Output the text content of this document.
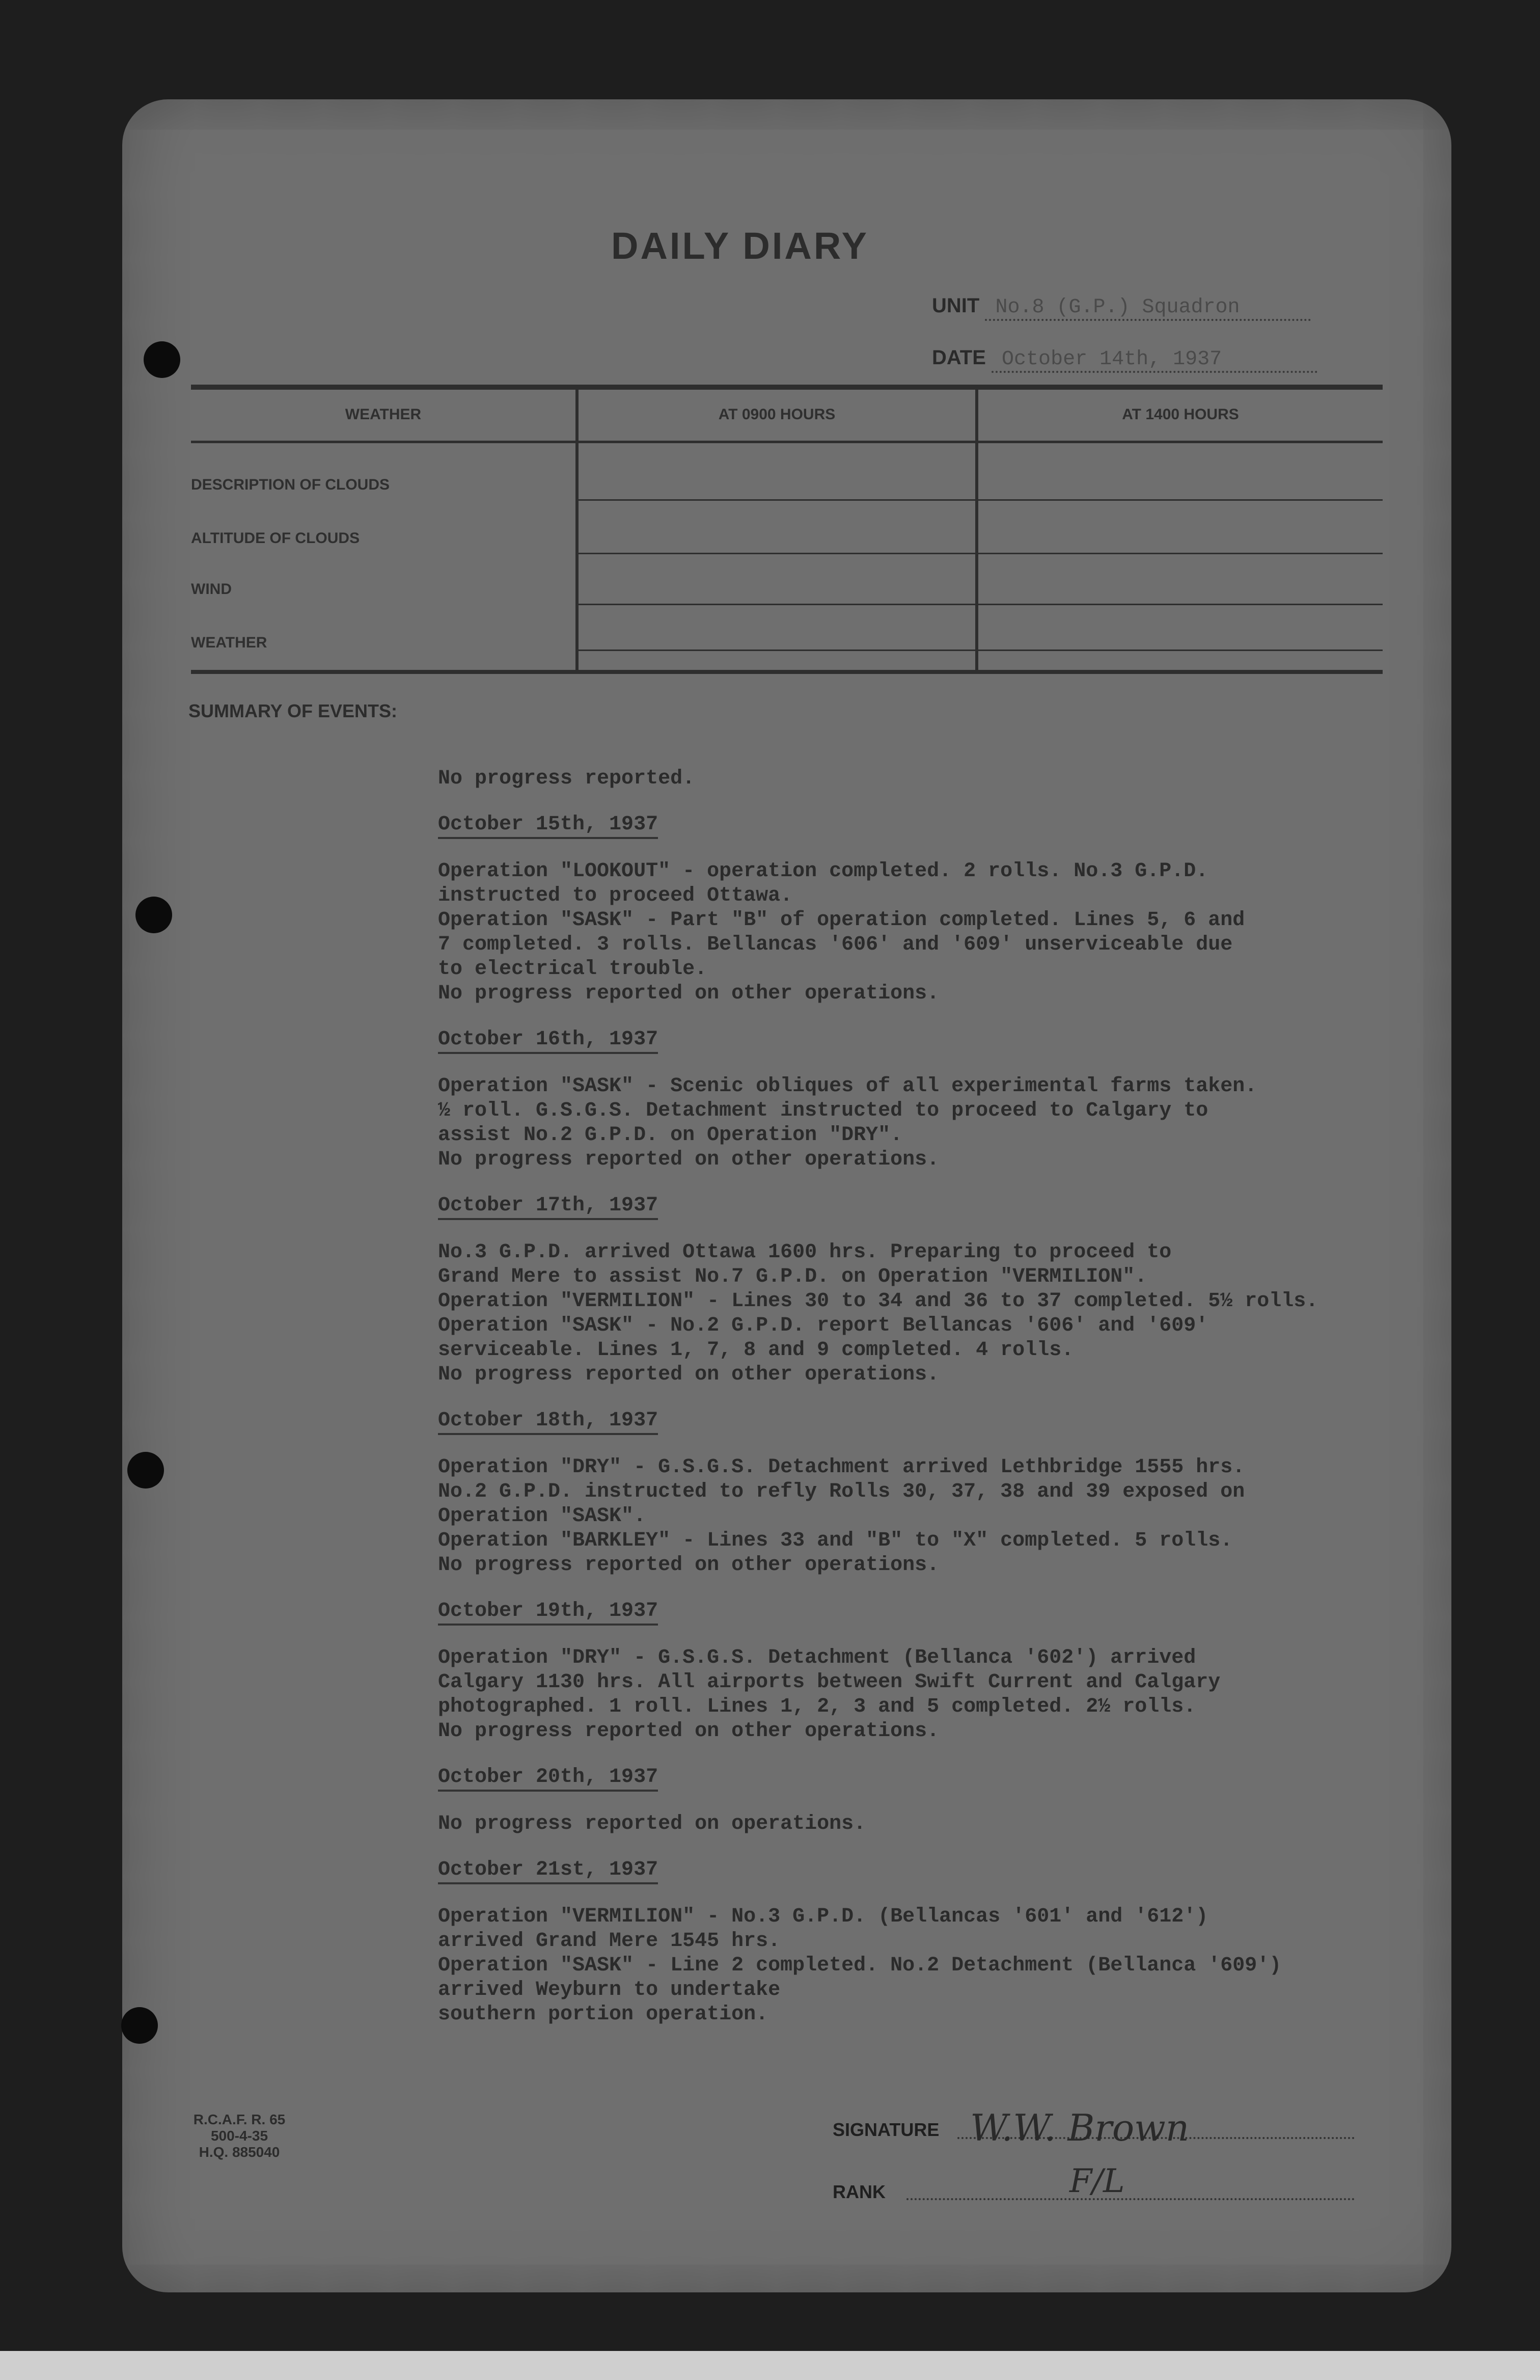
DAILY DIARY
UNIT No.8 (G.P.) Squadron
DATE October 14th, 1937
WEATHER	AT 0900 HOURS	AT 1400 HOURS
DESCRIPTION OF CLOUDS
ALTITUDE OF CLOUDS
WIND
WEATHER
SUMMARY OF EVENTS:
No progress reported.
October 15th, 1937
Operation "LOOKOUT" - operation completed. 2 rolls. No.3 G.P.D.
instructed to proceed Ottawa.
Operation "SASK" - Part "B" of operation completed. Lines 5, 6 and
7 completed. 3 rolls. Bellancas '606' and '609' unserviceable due
to electrical trouble.
No progress reported on other operations.
October 16th, 1937
Operation "SASK" - Scenic obliques of all experimental farms taken.
½ roll. G.S.G.S. Detachment instructed to proceed to Calgary to
assist No.2 G.P.D. on Operation "DRY".
No progress reported on other operations.
October 17th, 1937
No.3 G.P.D. arrived Ottawa 1600 hrs. Preparing to proceed to
Grand Mere to assist No.7 G.P.D. on Operation "VERMILION".
Operation "VERMILION" - Lines 30 to 34 and 36 to 37 completed. 5½ rolls.
Operation "SASK" - No.2 G.P.D. report Bellancas '606' and '609'
serviceable. Lines 1, 7, 8 and 9 completed. 4 rolls.
No progress reported on other operations.
October 18th, 1937
Operation "DRY" - G.S.G.S. Detachment arrived Lethbridge 1555 hrs.
No.2 G.P.D. instructed to refly Rolls 30, 37, 38 and 39 exposed on
Operation "SASK".
Operation "BARKLEY" - Lines 33 and "B" to "X" completed. 5 rolls.
No progress reported on other operations.
October 19th, 1937
Operation "DRY" - G.S.G.S. Detachment (Bellanca '602') arrived
Calgary 1130 hrs. All airports between Swift Current and Calgary
photographed. 1 roll. Lines 1, 2, 3 and 5 completed. 2½ rolls.
No progress reported on other operations.
October 20th, 1937
No progress reported on operations.
October 21st, 1937
Operation "VERMILION" - No.3 G.P.D. (Bellancas '601' and '612')
arrived Grand Mere 1545 hrs.
Operation "SASK" - Line 2 completed. No.2 Detachment (Bellanca '609')
arrived Weyburn to undertake
southern portion operation.
R.C.A.F. R. 65
500-4-35
H.Q. 885040
SIGNATURE W.W. Brown
RANK	F/L
